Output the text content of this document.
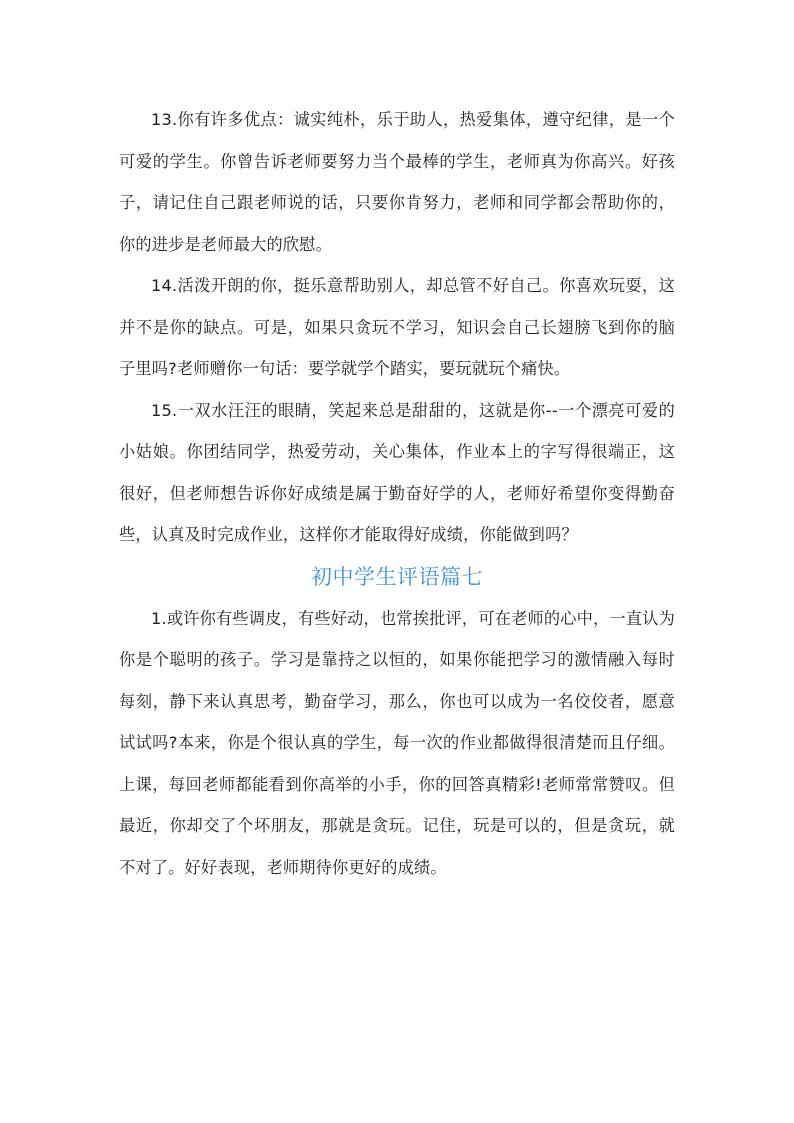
13.你有许多优点：诚实纯朴，乐于助人，热爱集体，遵守纪律，是一个可爱的学生。你曾告诉老师要努力当个最棒的学生，老师真为你高兴。好孩子，请记住自己跟老师说的话，只要你肯努力，老师和同学都会帮助你的，你的进步是老师最大的欣慰。

14.活泼开朗的你，挺乐意帮助别人，却总管不好自己。你喜欢玩耍，这并不是你的缺点。可是，如果只贪玩不学习，知识会自己长翅膀飞到你的脑子里吗?老师赠你一句话：要学就学个踏实，要玩就玩个痛快。

15.一双水汪汪的眼睛，笑起来总是甜甜的，这就是你--一个漂亮可爱的小姑娘。你团结同学，热爱劳动，关心集体，作业本上的字写得很端正，这很好，但老师想告诉你好成绩是属于勤奋好学的人，老师好希望你变得勤奋些，认真及时完成作业，这样你才能取得好成绩，你能做到吗？

初中学生评语篇七

1.或许你有些调皮，有些好动，也常挨批评，可在老师的心中，一直认为你是个聪明的孩子。学习是靠持之以恒的，如果你能把学习的激情融入每时每刻，静下来认真思考，勤奋学习，那么，你也可以成为一名佼佼者，愿意试试吗?本来，你是个很认真的学生，每一次的作业都做得很清楚而且仔细。上课，每回老师都能看到你高举的小手，你的回答真精彩!老师常常赞叹。但最近，你却交了个坏朋友，那就是贪玩。记住，玩是可以的，但是贪玩，就不对了。好好表现，老师期待你更好的成绩。
